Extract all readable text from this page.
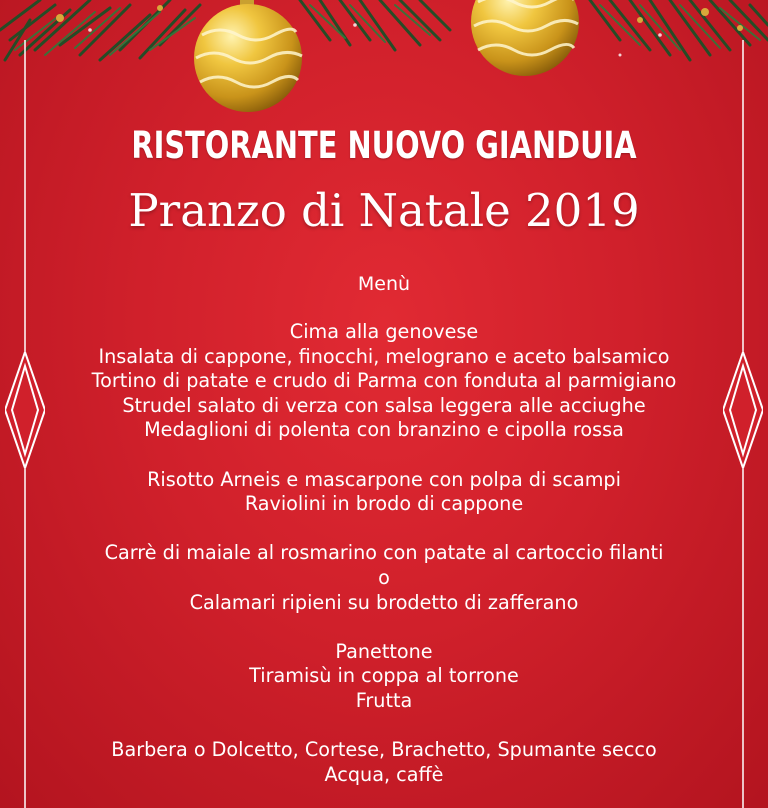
RISTORANTE NUOVO GIANDUIA
Pranzo di Natale 2019
Menù
Cima alla genovese
Insalata di cappone, finocchi, melograno e aceto balsamico
Tortino di patate e crudo di Parma con fonduta al parmigiano
Strudel salato di verza con salsa leggera alle acciughe
Medaglioni di polenta con branzino e cipolla rossa
Risotto Arneis e mascarpone con polpa di scampi
Raviolini in brodo di cappone
Carrè di maiale al rosmarino con patate al cartoccio filanti
o
Calamari ripieni su brodetto di zafferano
Panettone
Tiramisù in coppa al torrone
Frutta
Barbera o Dolcetto, Cortese, Brachetto, Spumante secco
Acqua, caffè
